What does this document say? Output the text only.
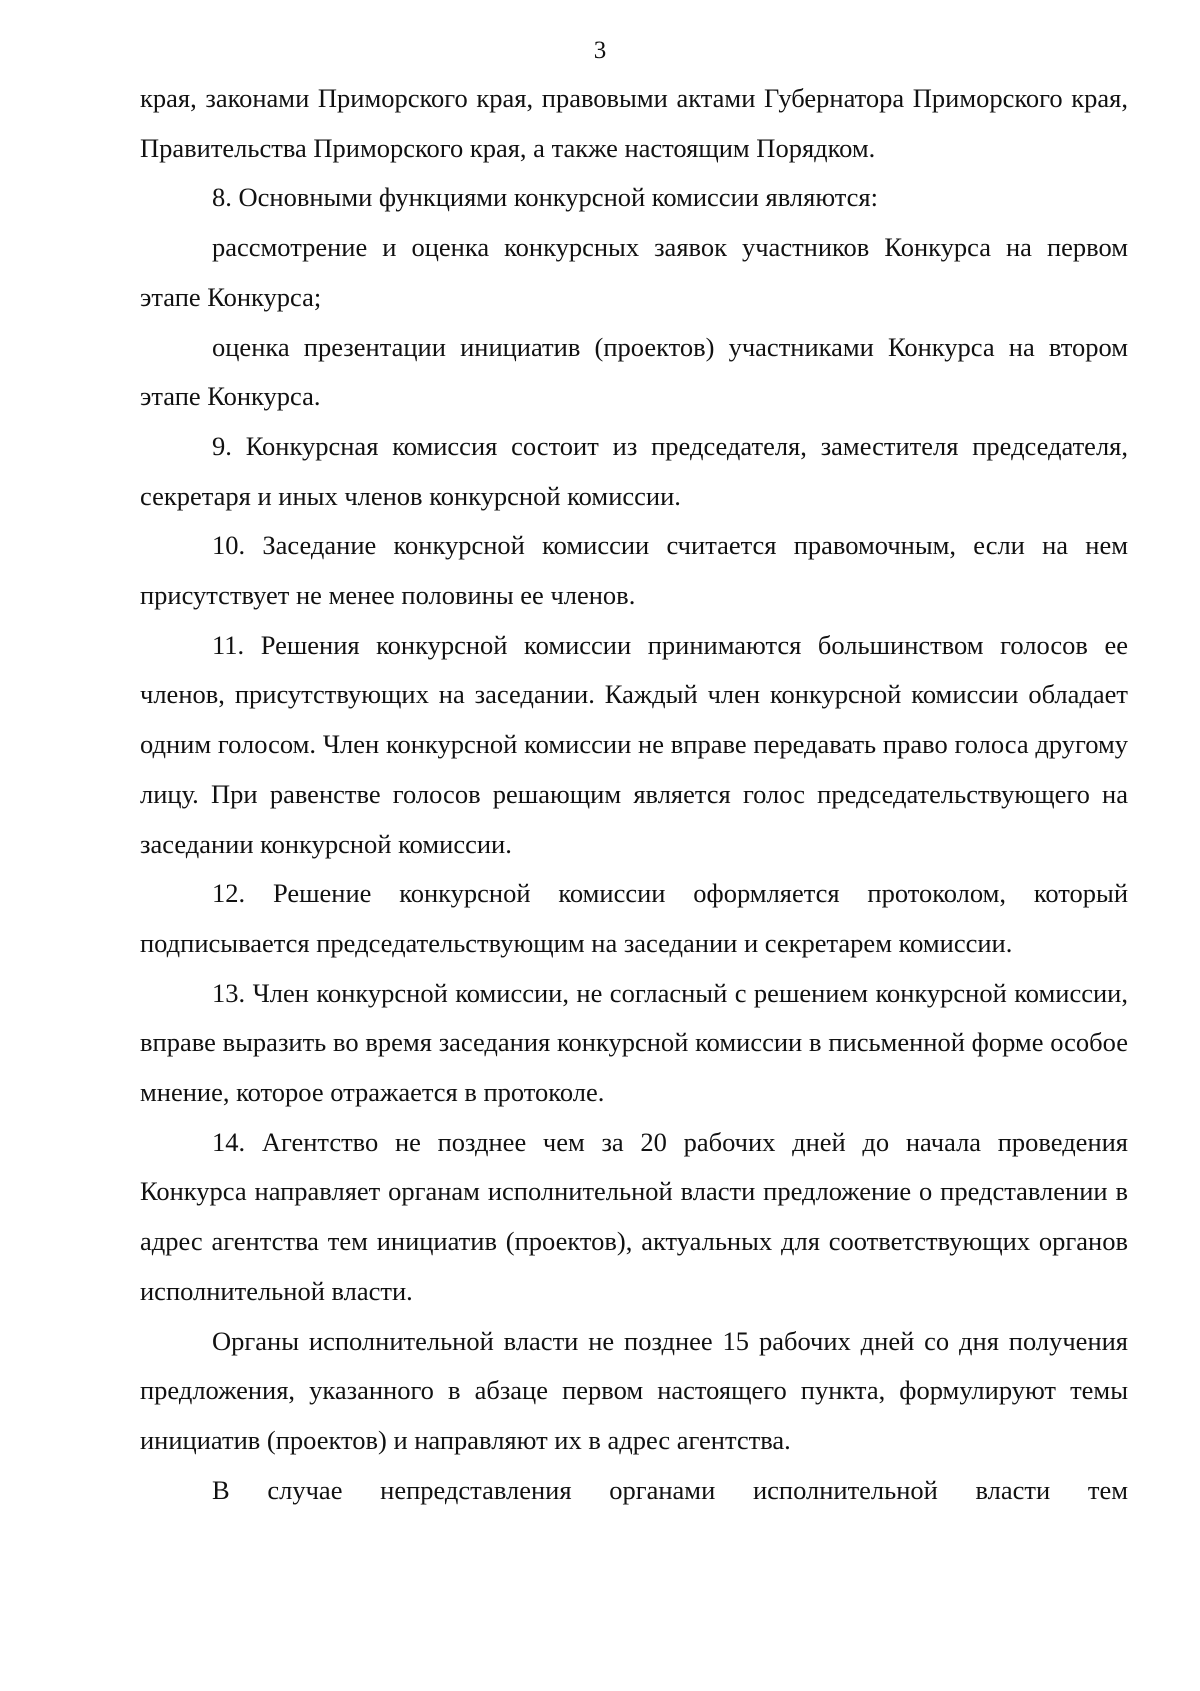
3

края, законами Приморского края, правовыми актами Губернатора Приморского края, Правительства Приморского края, а также настоящим Порядком.

8. Основными функциями конкурсной комиссии являются:

рассмотрение и оценка конкурсных заявок участников Конкурса на первом этапе Конкурса;

оценка презентации инициатив (проектов) участниками Конкурса на втором этапе Конкурса.

9. Конкурсная комиссия состоит из председателя, заместителя председателя, секретаря и иных членов конкурсной комиссии.

10. Заседание конкурсной комиссии считается правомочным, если на нем присутствует не менее половины ее членов.

11. Решения конкурсной комиссии принимаются большинством голосов ее членов, присутствующих на заседании. Каждый член конкурсной комиссии обладает одним голосом. Член конкурсной комиссии не вправе передавать право голоса другому лицу. При равенстве голосов решающим является голос председательствующего на заседании конкурсной комиссии.

12. Решение конкурсной комиссии оформляется протоколом, который подписывается председательствующим на заседании и секретарем комиссии.

13. Член конкурсной комиссии, не согласный с решением конкурсной комиссии, вправе выразить во время заседания конкурсной комиссии в письменной форме особое мнение, которое отражается в протоколе.

14. Агентство не позднее чем за 20 рабочих дней до начала проведения Конкурса направляет органам исполнительной власти предложение о представлении в адрес агентства тем инициатив (проектов), актуальных для соответствующих органов исполнительной власти.

Органы исполнительной власти не позднее 15 рабочих дней со дня получения предложения, указанного в абзаце первом настоящего пункта, формулируют темы инициатив (проектов) и направляют их в адрес агентства.

В случае непредставления органами исполнительной власти тем
